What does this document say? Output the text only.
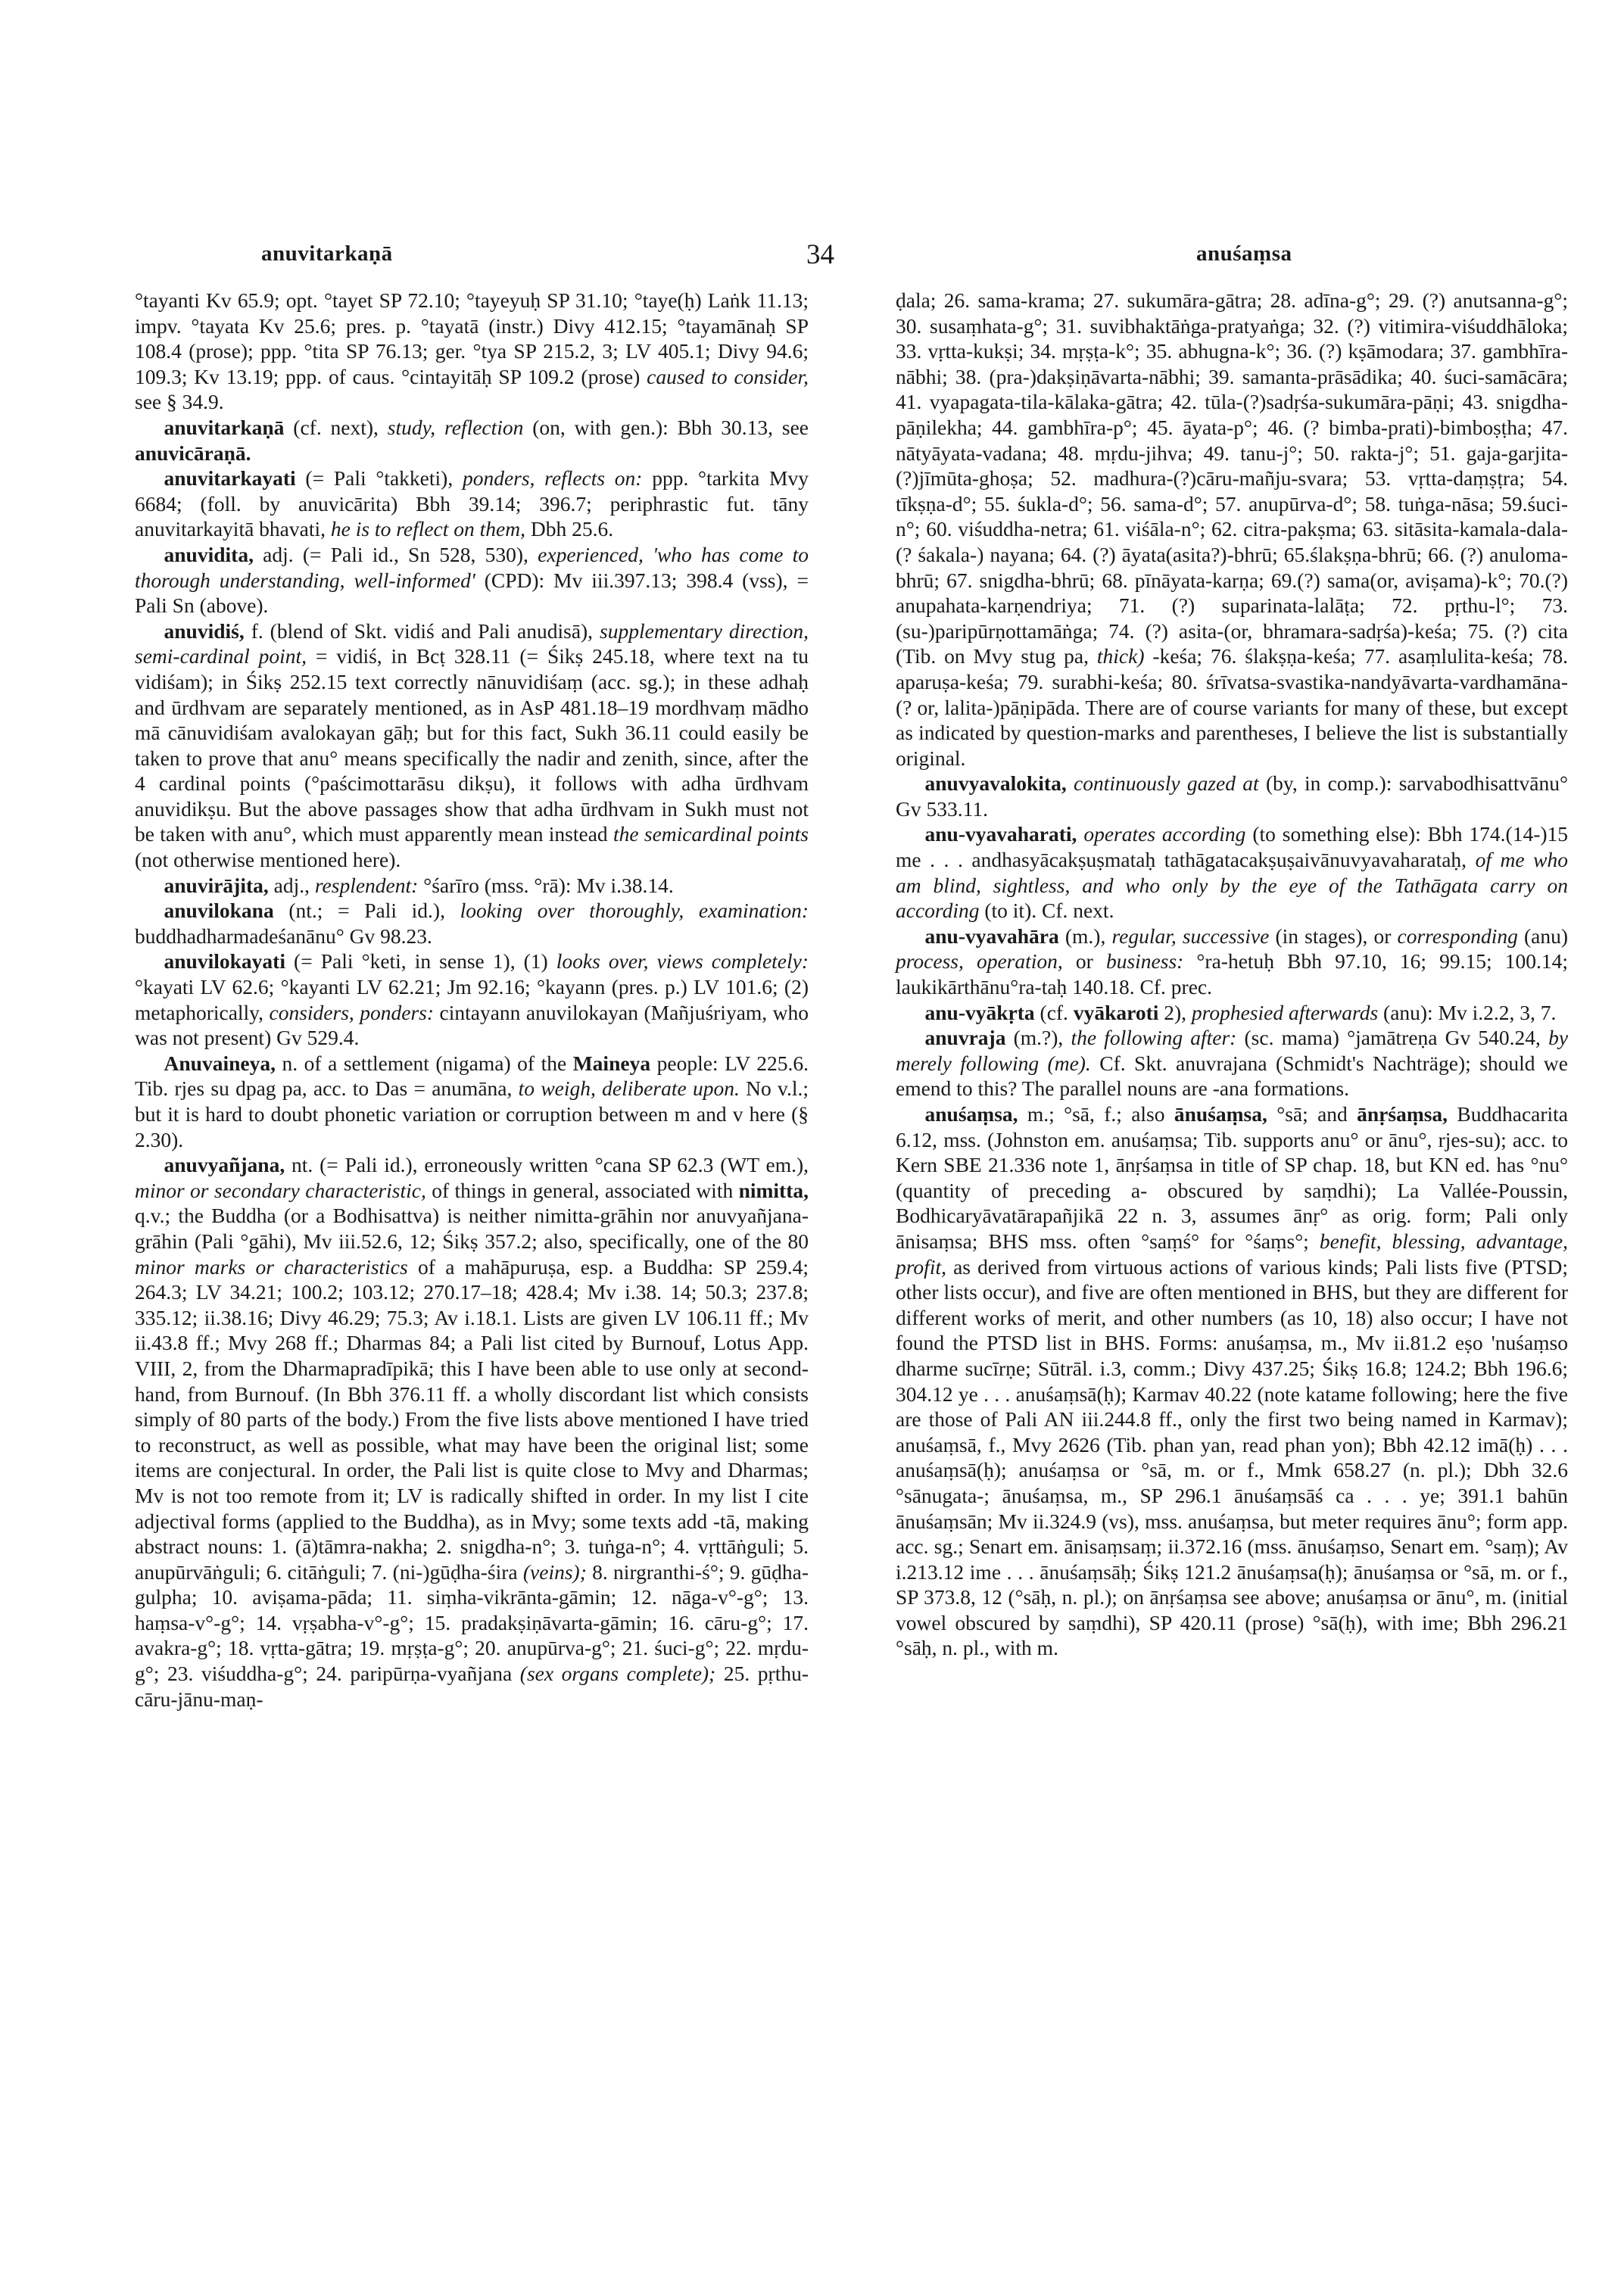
anuvitarkaṇā	34	anuśaṃsa

°tayanti Kv 65.9; opt. °tayet SP 72.10; °tayeyuḥ SP 31.10; °taye(ḥ) Laṅk 11.13; impv. °tayata Kv 25.6; pres. p. °tayatā (instr.) Divy 412.15; °tayamānaḥ SP 108.4 (prose); ppp. °tita SP 76.13; ger. °tya SP 215.2, 3; LV 405.1; Divy 94.6; 109.3; Kv 13.19; ppp. of caus. °cintayitāḥ SP 109.2 (prose) caused to consider, see § 34.9.

anuvitarkaṇā (cf. next), study, reflection (on, with gen.): Bbh 30.13, see anuvicāraṇā.

anuvitarkayati (= Pali °takketi), ponders, reflects on: ppp. °tarkita Mvy 6684; (foll. by anuvicārita) Bbh 39.14; 396.7; periphrastic fut. tāny anuvitarkayitā bhavati, he is to reflect on them, Dbh 25.6.

anuvidita, adj. (= Pali id., Sn 528, 530), experienced, 'who has come to thorough understanding, well-informed' (CPD): Mv iii.397.13; 398.4 (vss), = Pali Sn (above).

anuvidiś, f. (blend of Skt. vidiś and Pali anudisā), supplementary direction, semi-cardinal point, = vidiś, in Bcṭ 328.11 (= Śikṣ 245.18, where text na tu vidiśam); in Śikṣ 252.15 text correctly nānuvidiśaṃ (acc. sg.); in these adhaḥ and ūrdhvam are separately mentioned, as in AsP 481.18–19 mordhvaṃ mādho mā cānuvidiśam avalokayan gāḥ; but for this fact, Sukh 36.11 could easily be taken to prove that anu° means specifically the nadir and zenith, since, after the 4 cardinal points (°paścimottarāsu dikṣu), it follows with adha ūrdhvam anuvidikṣu. But the above passages show that adha ūrdhvam in Sukh must not be taken with anu°, which must apparently mean instead the semicardinal points (not otherwise mentioned here).

anuvirājita, adj., resplendent: °śarīro (mss. °rā): Mv i.38.14.

anuvilokana (nt.; = Pali id.), looking over thoroughly, examination: buddhadharmadeśanānu° Gv 98.23.

anuvilokayati (= Pali °keti, in sense 1), (1) looks over, views completely: °kayati LV 62.6; °kayanti LV 62.21; Jm 92.16; °kayann (pres. p.) LV 101.6; (2) metaphorically, considers, ponders: cintayann anuvilokayan (Mañjuśriyam, who was not present) Gv 529.4.

Anuvaineya, n. of a settlement (nigama) of the Maineya people: LV 225.6. Tib. rjes su dpag pa, acc. to Das = anumāna, to weigh, deliberate upon. No v.l.; but it is hard to doubt phonetic variation or corruption between m and v here (§ 2.30).

anuvyañjana, nt. (= Pali id.), erroneously written °cana SP 62.3 (WT em.), minor or secondary characteristic, of things in general, associated with nimitta, q.v.; the Buddha (or a Bodhisattva) is neither nimitta-grāhin nor anuvyañjana-grāhin (Pali °gāhi), Mv iii.52.6, 12; Śikṣ 357.2; also, specifically, one of the 80 minor marks or characteristics of a mahāpuruṣa, esp. a Buddha: SP 259.4; 264.3; LV 34.21; 100.2; 103.12; 270.17–18; 428.4; Mv i.38. 14; 50.3; 237.8; 335.12; ii.38.16; Divy 46.29; 75.3; Av i.18.1. Lists are given LV 106.11 ff.; Mv ii.43.8 ff.; Mvy 268 ff.; Dharmas 84; a Pali list cited by Burnouf, Lotus App. VIII, 2, from the Dharmapradīpikā; this I have been able to use only at second-hand, from Burnouf. (In Bbh 376.11 ff. a wholly discordant list which consists simply of 80 parts of the body.) From the five lists above mentioned I have tried to reconstruct, as well as possible, what may have been the original list; some items are conjectural. In order, the Pali list is quite close to Mvy and Dharmas; Mv is not too remote from it; LV is radically shifted in order. In my list I cite adjectival forms (applied to the Buddha), as in Mvy; some texts add -tā, making abstract nouns: 1. (ā)tāmra-nakha; 2. snigdha-n°; 3. tuṅga-n°; 4. vṛttāṅguli; 5. anupūrvāṅguli; 6. citāṅguli; 7. (ni-)gūḍha-śira (veins); 8. nirgranthi-ś°; 9. gūḍha-gulpha; 10. aviṣama-pāda; 11. siṃha-vikrānta-gāmin; 12. nāga-v°-g°; 13. haṃsa-v°-g°; 14. vṛṣabha-v°-g°; 15. pradakṣiṇāvarta-gāmin; 16. cāru-g°; 17. avakra-g°; 18. vṛtta-gātra; 19. mṛṣṭa-g°; 20. anupūrva-g°; 21. śuci-g°; 22. mṛdu-g°; 23. viśuddha-g°; 24. paripūrṇa-vyañjana (sex organs complete); 25. pṛthu-cāru-jānu-maṇ-

ḍala; 26. sama-krama; 27. sukumāra-gātra; 28. adīna-g°; 29. (?) anutsanna-g°; 30. susaṃhata-g°; 31. suvibhaktāṅga-pratyaṅga; 32. (?) vitimira-viśuddhāloka; 33. vṛtta-kukṣi; 34. mṛṣṭa-k°; 35. abhugna-k°; 36. (?) kṣāmodara; 37. gambhīra-nābhi; 38. (pra-)dakṣiṇāvarta-nābhi; 39. samanta-prāsādika; 40. śuci-samācāra; 41. vyapagata-tila-kālaka-gātra; 42. tūla-(?)sadṛśa-sukumāra-pāṇi; 43. snigdha-pāṇilekha; 44. gambhīra-p°; 45. āyata-p°; 46. (? bimba-prati)-bimboṣṭha; 47. nātyāyata-vadana; 48. mṛdu-jihva; 49. tanu-j°; 50. rakta-j°; 51. gaja-garjita-(?)jīmūta-ghoṣa; 52. madhura-(?)cāru-mañju-svara; 53. vṛtta-daṃṣṭra; 54. tīkṣṇa-d°; 55. śukla-d°; 56. sama-d°; 57. anupūrva-d°; 58. tuṅga-nāsa; 59.śuci-n°; 60. viśuddha-netra; 61. viśāla-n°; 62. citra-pakṣma; 63. sitāsita-kamala-dala-(? śakala-) nayana; 64. (?) āyata(asita?)-bhrū; 65.ślakṣṇa-bhrū; 66. (?) anuloma-bhrū; 67. snigdha-bhrū; 68. pīnāyata-karṇa; 69.(?) sama(or, aviṣama)-k°; 70.(?) anupahata-karṇendriya; 71. (?) suparinata-lalāṭa; 72. pṛthu-l°; 73. (su-)paripūrṇottamāṅga; 74. (?) asita-(or, bhramara-sadṛśa)-keśa; 75. (?) cita (Tib. on Mvy stug pa, thick) -keśa; 76. ślakṣṇa-keśa; 77. asaṃlulita-keśa; 78. aparuṣa-keśa; 79. surabhi-keśa; 80. śrīvatsa-svastika-nandyāvarta-vardhamāna-(? or, lalita-)pāṇipāda. There are of course variants for many of these, but except as indicated by question-marks and parentheses, I believe the list is substantially original.

anuvyavalokita, continuously gazed at (by, in comp.): sarvabodhisattvānu° Gv 533.11.

anu-vyavaharati, operates according (to something else): Bbh 174.(14-)15 me . . . andhasyācakṣuṣmataḥ tathāgatacakṣuṣaivānuvyavaharataḥ, of me who am blind, sightless, and who only by the eye of the Tathāgata carry on according (to it). Cf. next.

anu-vyavahāra (m.), regular, successive (in stages), or corresponding (anu) process, operation, or business: °ra-hetuḥ Bbh 97.10, 16; 99.15; 100.14; laukikārthānu°ra-taḥ 140.18. Cf. prec.

anu-vyākṛta (cf. vyākaroti 2), prophesied afterwards (anu): Mv i.2.2, 3, 7.

anuvraja (m.?), the following after: (sc. mama) °jamātreṇa Gv 540.24, by merely following (me). Cf. Skt. anuvrajana (Schmidt's Nachträge); should we emend to this? The parallel nouns are -ana formations.

anuśaṃsa, m.; °sā, f.; also ānuśaṃsa, °sā; and ānṛśaṃsa, Buddhacarita 6.12, mss. (Johnston em. anuśaṃsa; Tib. supports anu° or ānu°, rjes-su); acc. to Kern SBE 21.336 note 1, ānṛśaṃsa in title of SP chap. 18, but KN ed. has °nu° (quantity of preceding a- obscured by saṃdhi); La Vallée-Poussin, Bodhicaryāvatārapañjikā 22 n. 3, assumes ānṛ° as orig. form; Pali only ānisaṃsa; BHS mss. often °saṃś° for °śaṃs°; benefit, blessing, advantage, profit, as derived from virtuous actions of various kinds; Pali lists five (PTSD; other lists occur), and five are often mentioned in BHS, but they are different for different works of merit, and other numbers (as 10, 18) also occur; I have not found the PTSD list in BHS. Forms: anuśaṃsa, m., Mv ii.81.2 eṣo 'nuśaṃso dharme sucīrṇe; Sūtrāl. i.3, comm.; Divy 437.25; Śikṣ 16.8; 124.2; Bbh 196.6; 304.12 ye . . . anuśaṃsā(ḥ); Karmav 40.22 (note katame following; here the five are those of Pali AN iii.244.8 ff., only the first two being named in Karmav); anuśaṃsā, f., Mvy 2626 (Tib. phan yan, read phan yon); Bbh 42.12 imā(ḥ) . . . anuśaṃsā(ḥ); anuśaṃsa or °sā, m. or f., Mmk 658.27 (n. pl.); Dbh 32.6 °sānugata-; ānuśaṃsa, m., SP 296.1 ānuśaṃsāś ca . . . ye; 391.1 bahūn ānuśaṃsān; Mv ii.324.9 (vs), mss. anuśaṃsa, but meter requires ānu°; form app. acc. sg.; Senart em. ānisaṃsaṃ; ii.372.16 (mss. ānuśaṃso, Senart em. °saṃ); Av i.213.12 ime . . . ānuśaṃsāḥ; Śikṣ 121.2 ānuśaṃsa(ḥ); ānuśaṃsa or °sā, m. or f., SP 373.8, 12 (°sāḥ, n. pl.); on ānṛśaṃsa see above; anuśaṃsa or ānu°, m. (initial vowel obscured by saṃdhi), SP 420.11 (prose) °sā(ḥ), with ime; Bbh 296.21 °sāḥ, n. pl., with m.
